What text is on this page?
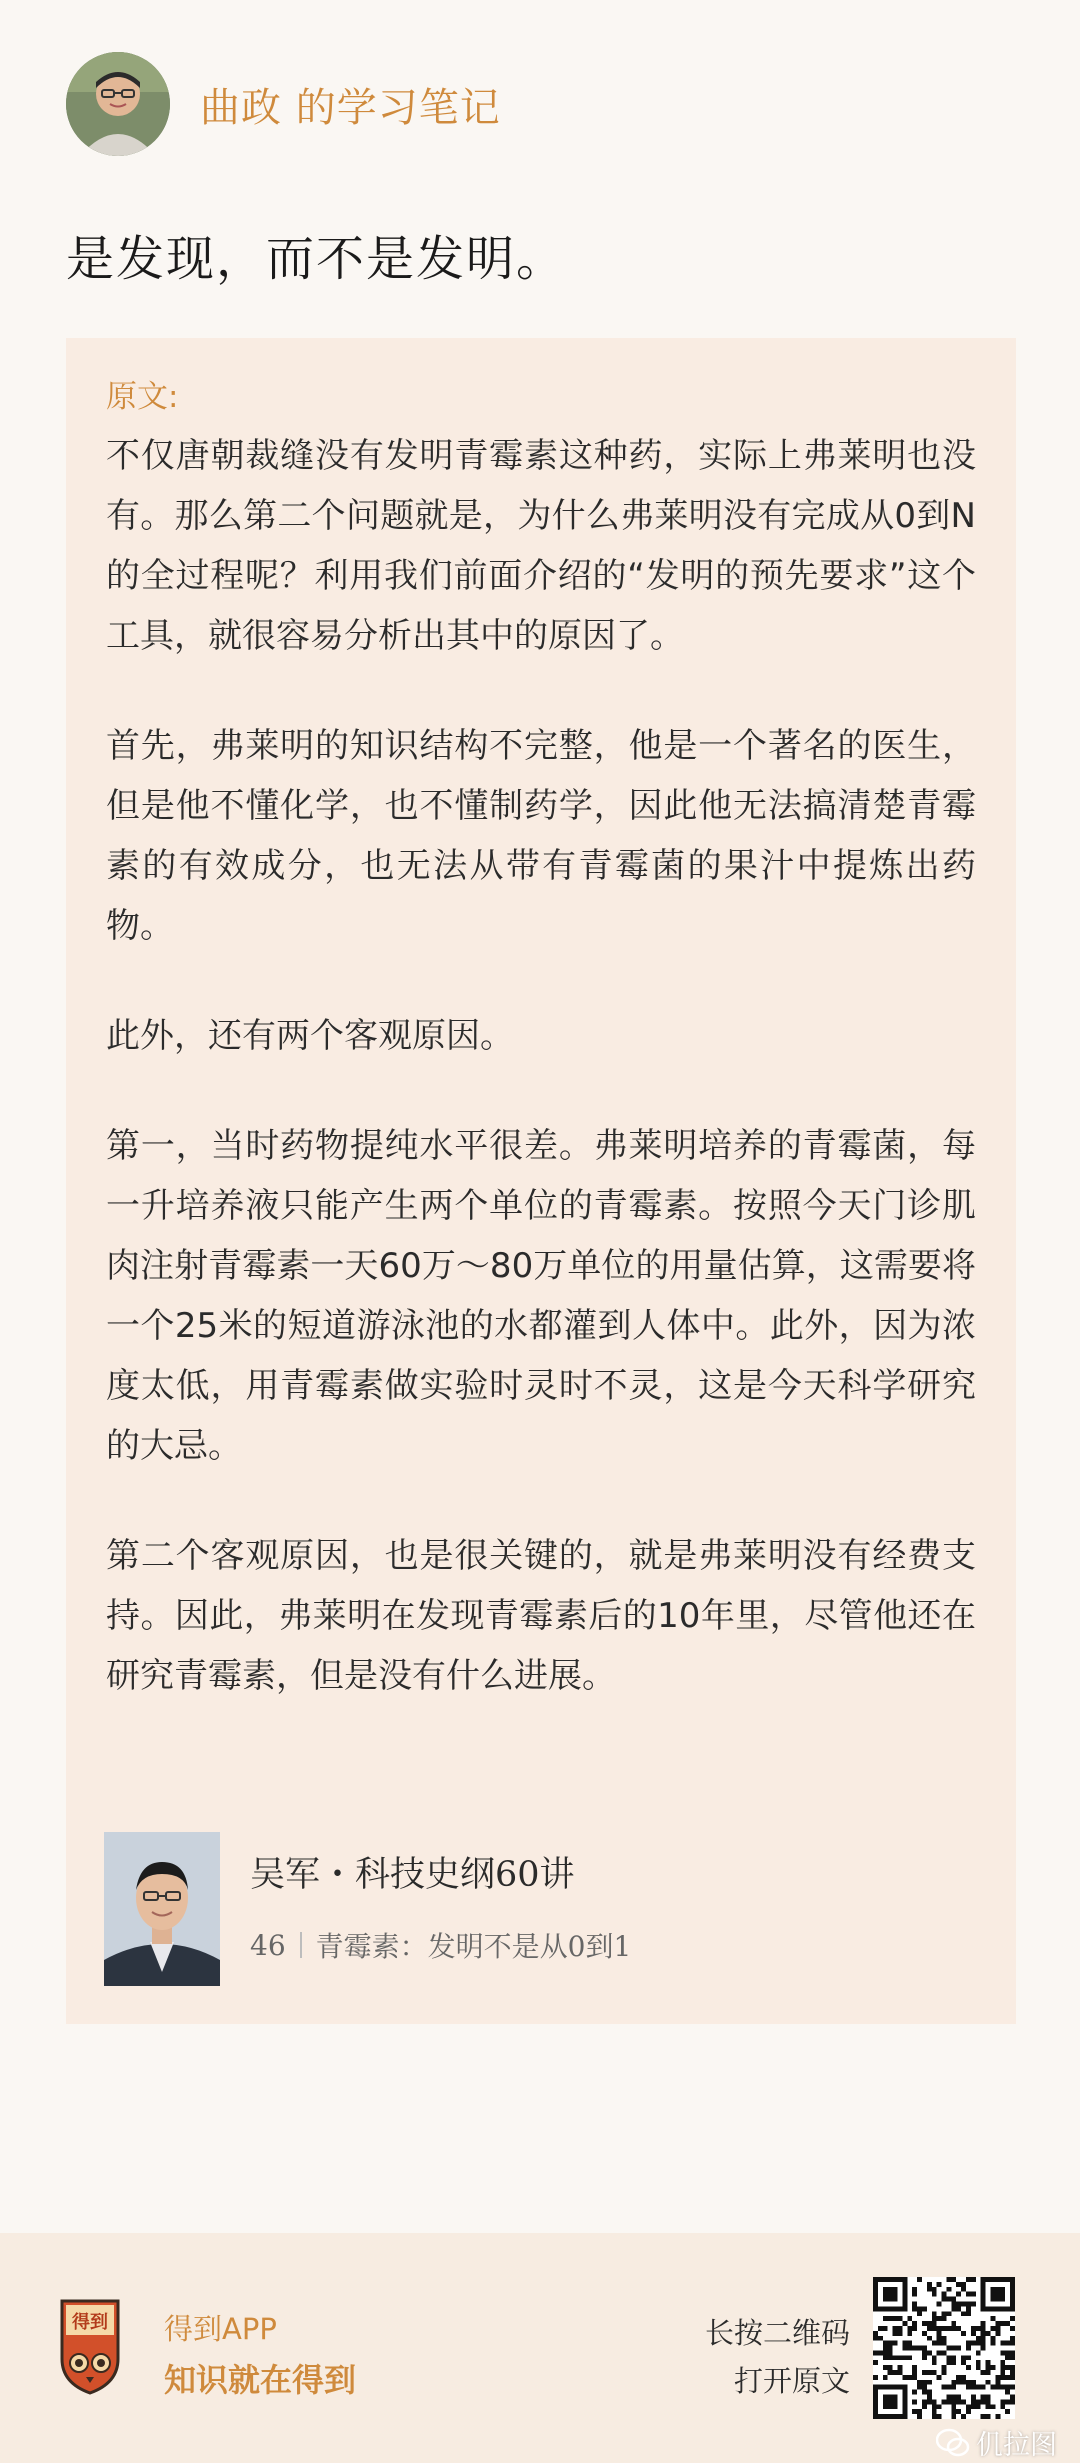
曲政 的学习笔记
是发现，而不是发明。
原文:

不仅唐朝裁缝没有发明青霉素这种药，实际上弗莱明也没有。那么第二个问题就是，为什么弗莱明没有完成从0到N的全过程呢？利用我们前面介绍的“发明的预先要求”这个工具，就很容易分析出其中的原因了。

首先，弗莱明的知识结构不完整，他是一个著名的医生，但是他不懂化学，也不懂制药学，因此他无法搞清楚青霉素的有效成分，也无法从带有青霉菌的果汁中提炼出药物。

此外，还有两个客观原因。

第一，当时药物提纯水平很差。弗莱明培养的青霉菌，每一升培养液只能产生两个单位的青霉素。按照今天门诊肌肉注射青霉素一天60万～80万单位的用量估算，这需要将一个25米的短道游泳池的水都灌到人体中。此外，因为浓度太低，用青霉素做实验时灵时不灵，这是今天科学研究的大忌。

第二个客观原因，也是很关键的，就是弗莱明没有经费支持。因此，弗莱明在发现青霉素后的10年里，尽管他还在研究青霉素，但是没有什么进展。

吴军・科技史纲60讲
46 青霉素：发明不是从0到1
得到 得到APP
知识就在得到
长按二维码
打开原文
仉拉图
